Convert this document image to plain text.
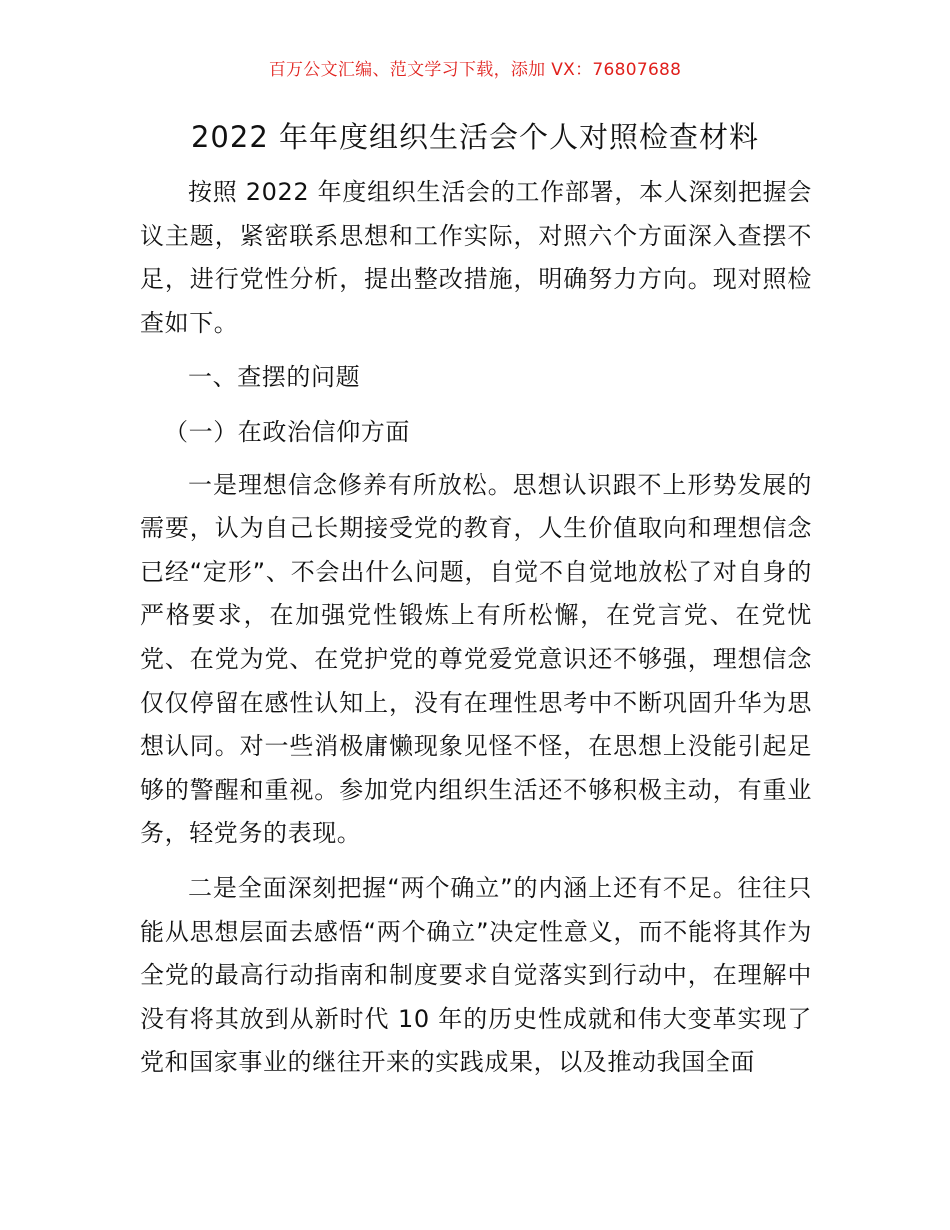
百万公文汇编、范文学习下载，添加 VX：76807688
2022 年年度组织生活会个人对照检查材料

按照 2022 年度组织生活会的工作部署，本人深刻把握会议主题，紧密联系思想和工作实际，对照六个方面深入查摆不足，进行党性分析，提出整改措施，明确努力方向。现对照检查如下。

一、查摆的问题

（一）在政治信仰方面

一是理想信念修养有所放松。思想认识跟不上形势发展的需要，认为自己长期接受党的教育，人生价值取向和理想信念已经“定形”、不会出什么问题，自觉不自觉地放松了对自身的严格要求，在加强党性锻炼上有所松懈，在党言党、在党忧党、在党为党、在党护党的尊党爱党意识还不够强，理想信念仅仅停留在感性认知上，没有在理性思考中不断巩固升华为思想认同。对一些消极庸懒现象见怪不怪，在思想上没能引起足够的警醒和重视。参加党内组织生活还不够积极主动，有重业务，轻党务的表现。

二是全面深刻把握“两个确立”的内涵上还有不足。往往只能从思想层面去感悟“两个确立”决定性意义，而不能将其作为全党的最高行动指南和制度要求自觉落实到行动中，在理解中没有将其放到从新时代 10 年的历史性成就和伟大变革实现了党和国家事业的继往开来的实践成果，以及推动我国全面
